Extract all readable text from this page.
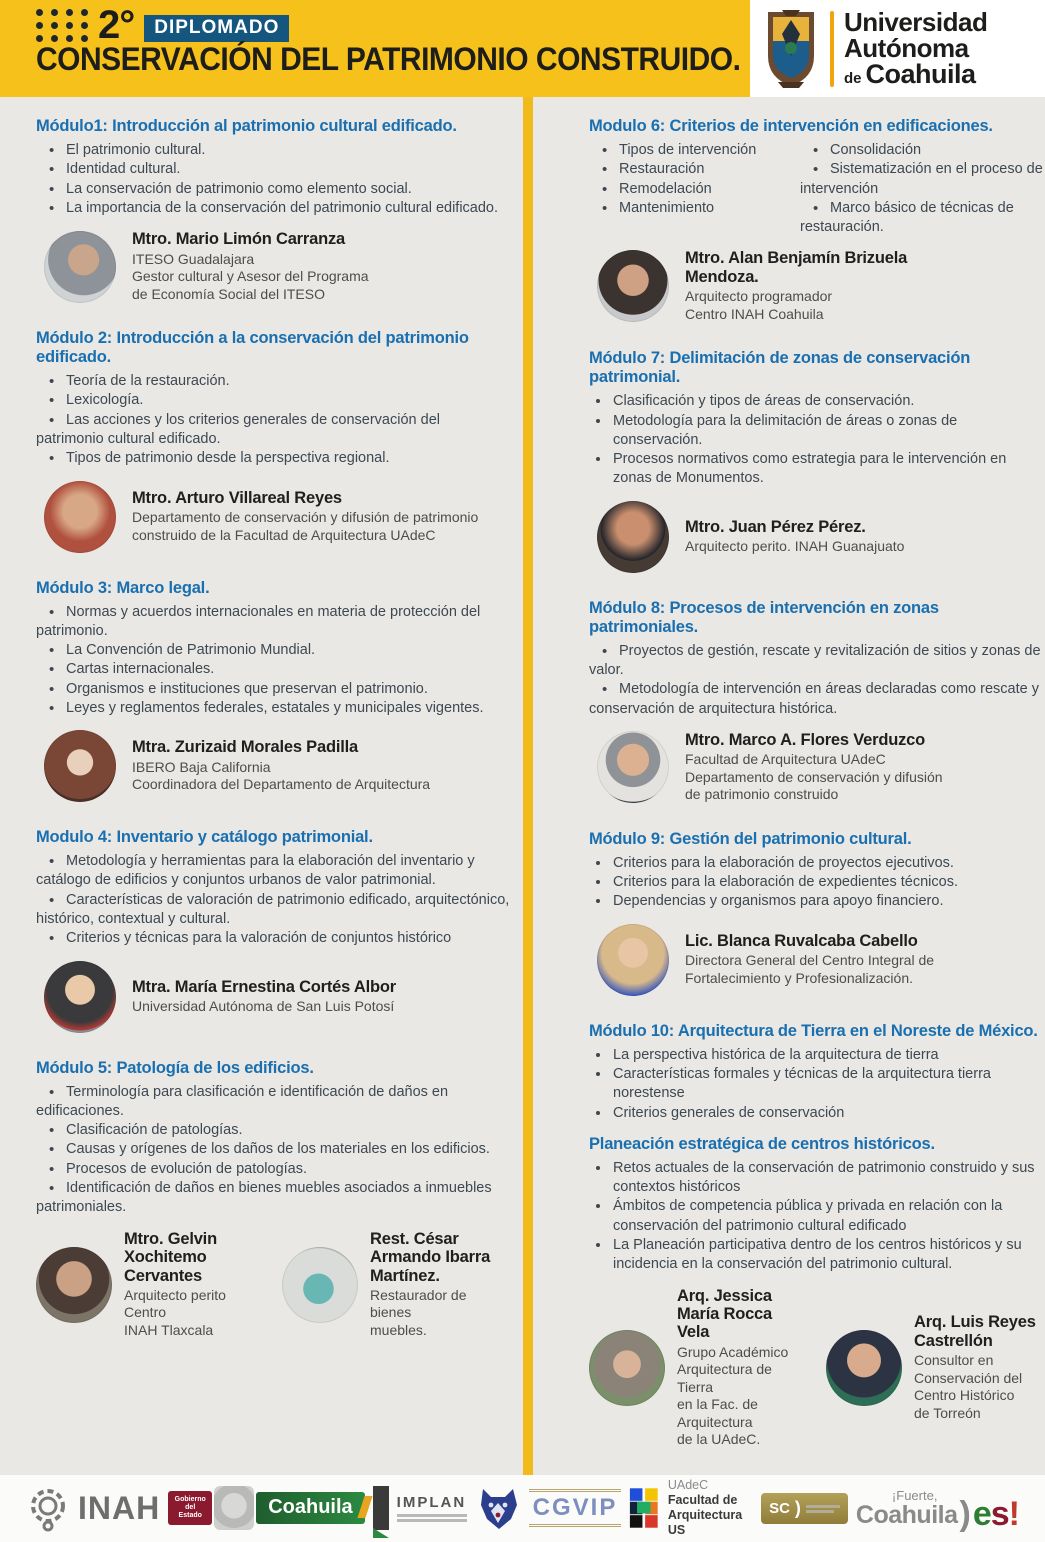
2°	DIPLOMADO
CONSERVACIÓN DEL PATRIMONIO CONSTRUIDO.
Universidad
Autónoma
de Coahuila
Módulo1: Introducción al patrimonio cultural edificado.
• El patrimonio cultural.
• Identidad cultural.
• La conservación de patrimonio como elemento social.
• La importancia de la conservación del patrimonio cultural edificado.
Mtro. Mario Limón Carranza
ITESO Guadalajara
Gestor cultural y Asesor del Programa
de Economía Social del ITESO
Módulo 2: Introducción a la conservación del patrimonio edificado.
• Teoría de la restauración.
• Lexicología.
• Las acciones y los criterios generales de conservación del patrimonio cultural edificado.
• Tipos de patrimonio desde la perspectiva regional.
Mtro. Arturo Villareal Reyes
Departamento de conservación y difusión de patrimonio
construido de la Facultad de Arquitectura UAdeC
Módulo 3: Marco legal.
• Normas y acuerdos internacionales en materia de protección del patrimonio.
• La Convención de Patrimonio Mundial.
• Cartas internacionales.
• Organismos e instituciones que preservan el patrimonio.
• Leyes y reglamentos federales, estatales y municipales vigentes.
Mtra. Zurizaid Morales Padilla
IBERO Baja California
Coordinadora del Departamento de Arquitectura
Modulo 4: Inventario y catálogo patrimonial.
• Metodología y herramientas para la elaboración del inventario y catálogo de edificios y conjuntos urbanos de valor patrimonial.
• Características de valoración de patrimonio edificado, arquitectónico, histórico, contextual y cultural.
• Criterios y técnicas para la valoración de conjuntos histórico
Mtra. María Ernestina Cortés Albor
Universidad Autónoma de San Luis Potosí
Módulo 5: Patología de los edificios.
• Terminología para clasificación e identificación de daños en edificaciones.
• Clasificación de patologías.
• Causas y orígenes de los daños de los materiales en los edificios.
• Procesos de evolución de patologías.
• Identificación de daños en bienes muebles asociados a inmuebles patrimoniales.
Mtro. Gelvin Xochitemo Cervantes
Arquitecto perito Centro
INAH Tlaxcala
Rest. César Armando Ibarra Martínez.
Restaurador de bienes
muebles.
Modulo 6: Criterios de intervención en edificaciones.
• Tipos de intervención
• Restauración
• Remodelación
• Mantenimiento
• Consolidación
• Sistematización en el proceso de intervención
• Marco básico de técnicas de restauración.
Mtro. Alan Benjamín Brizuela Mendoza.
Arquitecto programador
Centro INAH Coahuila
Módulo 7: Delimitación de zonas de conservación patrimonial.
• Clasificación y tipos de áreas de conservación.
• Metodología para la delimitación de áreas o zonas de conservación.
• Procesos normativos como estrategia para le intervención en zonas de Monumentos.
Mtro. Juan Pérez Pérez.
Arquitecto perito. INAH Guanajuato
Módulo 8: Procesos de intervención en zonas patrimoniales.
• Proyectos de gestión, rescate y revitalización de sitios y zonas de valor.
• Metodología de intervención en áreas declaradas como rescate y conservación de arquitectura histórica.
Mtro. Marco A. Flores Verduzco
Facultad de Arquitectura UAdeC
Departamento de conservación y difusión
de patrimonio construido
Módulo 9: Gestión del patrimonio cultural.
• Criterios para la elaboración de proyectos ejecutivos.
• Criterios para la elaboración de expedientes técnicos.
• Dependencias y organismos para apoyo financiero.
Lic. Blanca Ruvalcaba Cabello
Directora General del Centro Integral de
Fortalecimiento y Profesionalización.
Módulo 10: Arquitectura de Tierra en el Noreste de México.
• La perspectiva histórica de la arquitectura de tierra
• Características formales y técnicas de la arquitectura tierra norestense
• Criterios generales de conservación
Planeación estratégica de centros históricos.
• Retos actuales de la conservación de patrimonio construido y sus contextos históricos
• Ámbitos de competencia pública y privada en relación con la conservación del patrimonio cultural edificado
• La Planeación participativa dentro de los centros históricos y su incidencia en la conservación del patrimonio cultural.
Arq. Jessica María Rocca Vela
Grupo Académico
Arquitectura de Tierra
en la Fac. de Arquitectura
de la UAdeC.
Arq. Luis Reyes Castrellón
Consultor en
Conservación del
Centro Histórico
de Torreón
INAH	Gobierno del Estado	Coahuila	IMPLAN	CGVIP
UAdeC
Facultad de
Arquitectura US
SC )
¡Fuerte,
Coahuila ) es!
